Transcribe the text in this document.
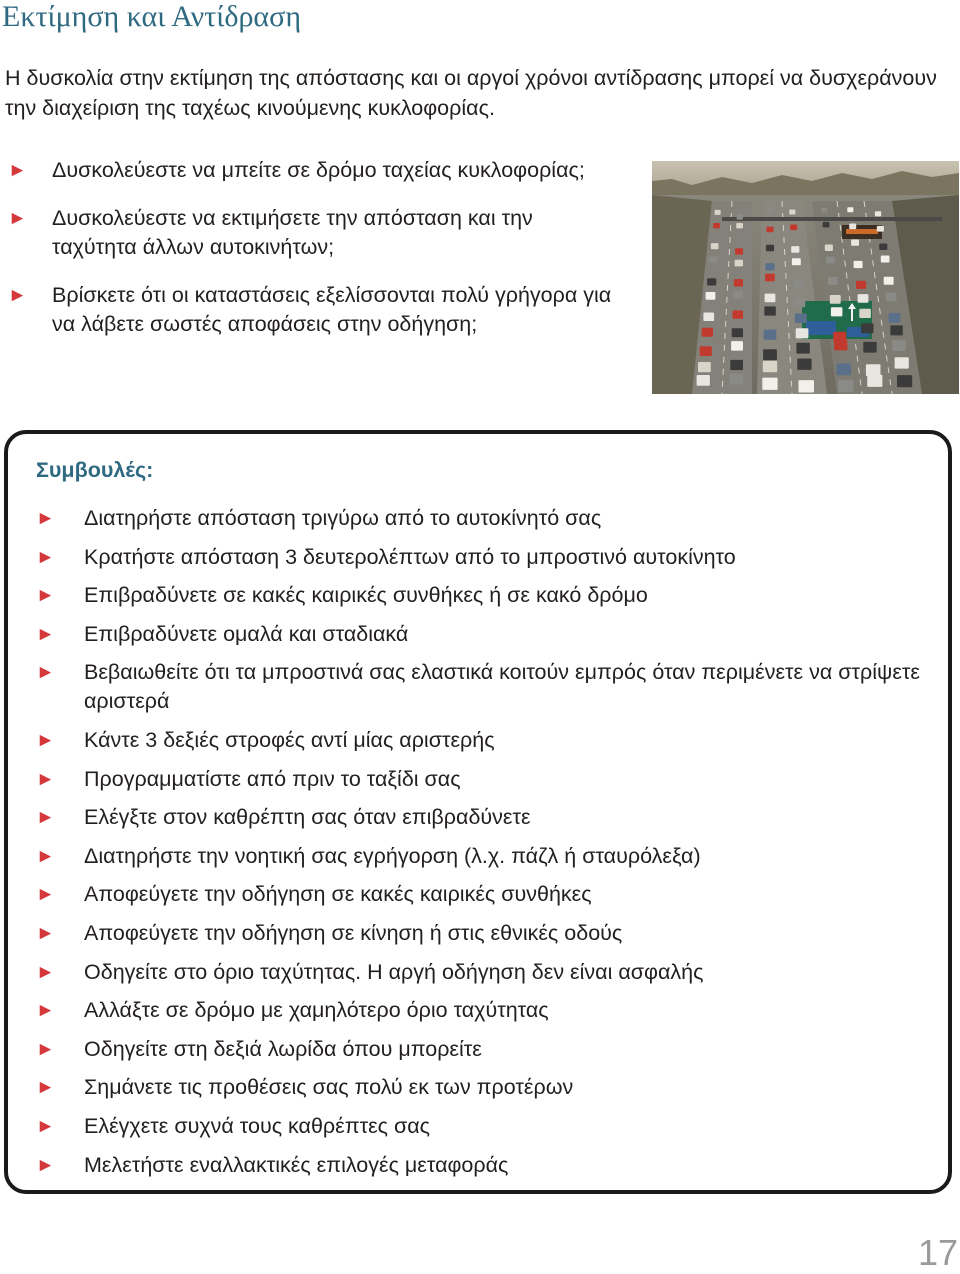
Εκτίμηση και Αντίδραση

Η δυσκολία στην εκτίμηση της απόστασης και οι αργοί χρόνοι αντίδρασης μπορεί να δυσχεράνουν την διαχείριση της ταχέως κινούμενης κυκλοφορίας.

► Δυσκολεύεστε να μπείτε σε δρόμο ταχείας κυκλοφορίας;
► Δυσκολεύεστε να εκτιμήσετε την απόσταση και την ταχύτητα άλλων αυτοκινήτων;
► Βρίσκετε ότι οι καταστάσεις εξελίσσονται πολύ γρήγορα για να λάβετε σωστές αποφάσεις στην οδήγηση;
Συμβουλές:
► Διατηρήστε απόσταση τριγύρω από το αυτοκίνητό σας
► Κρατήστε απόσταση 3 δευτερολέπτων από το μπροστινό αυτοκίνητο
► Επιβραδύνετε σε κακές καιρικές συνθήκες ή σε κακό δρόμο
► Επιβραδύνετε ομαλά και σταδιακά
► Βεβαιωθείτε ότι τα μπροστινά σας ελαστικά κοιτούν εμπρός όταν περιμένετε να στρίψετε αριστερά
► Κάντε 3 δεξιές στροφές αντί μίας αριστερής
► Προγραμματίστε από πριν το ταξίδι σας
► Ελέγξτε στον καθρέπτη σας όταν επιβραδύνετε
► Διατηρήστε την νοητική σας εγρήγορση (λ.χ. πάζλ ή σταυρόλεξα)
► Αποφεύγετε την οδήγηση σε κακές καιρικές συνθήκες
► Αποφεύγετε την οδήγηση σε κίνηση ή στις εθνικές οδούς
► Οδηγείτε στο όριο ταχύτητας. Η αργή οδήγηση δεν είναι ασφαλής
► Αλλάξτε σε δρόμο με χαμηλότερο όριο ταχύτητας
► Οδηγείτε στη δεξιά λωρίδα όπου μπορείτε
► Σημάνετε τις προθέσεις σας πολύ εκ των προτέρων
► Ελέγχετε συχνά τους καθρέπτες σας
► Μελετήστε εναλλακτικές επιλογές μεταφοράς
17
